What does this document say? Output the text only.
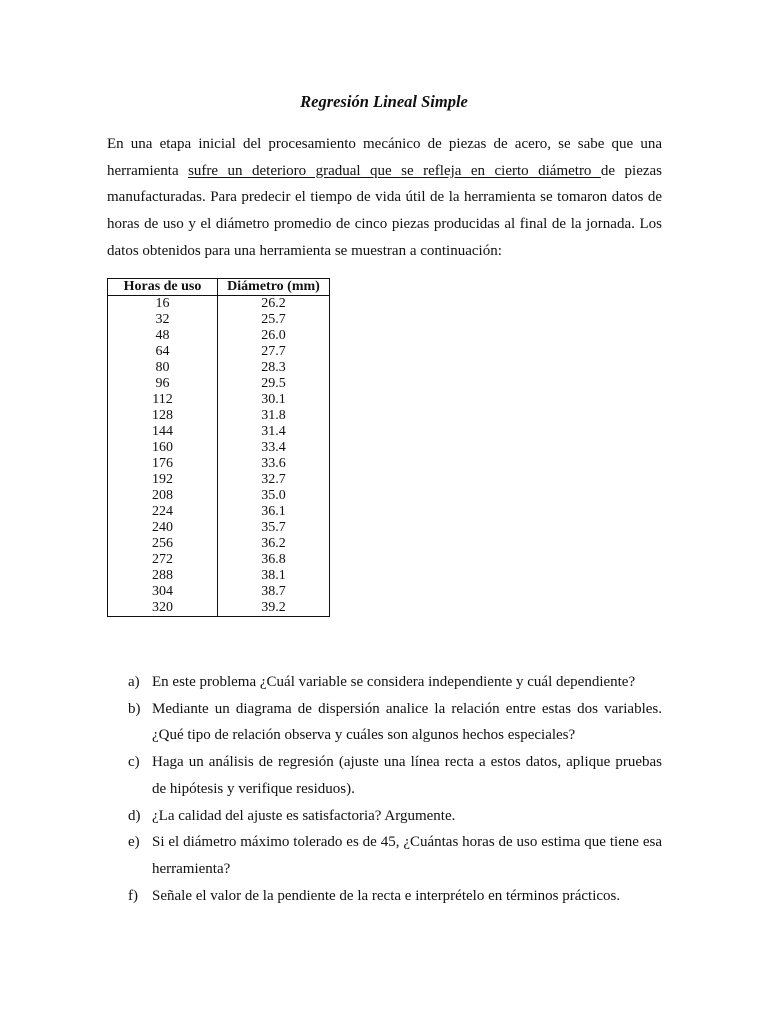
Regresión Lineal Simple

En una etapa inicial del procesamiento mecánico de piezas de acero, se sabe que una herramienta sufre un deterioro gradual que se refleja en cierto diámetro de piezas manufacturadas. Para predecir el tiempo de vida útil de la herramienta se tomaron datos de horas de uso y el diámetro promedio de cinco piezas producidas al final de la jornada. Los datos obtenidos para una herramienta se muestran a continuación:

Horas de uso	Diámetro (mm)
16	26.2
32	25.7
48	26.0
64	27.7
80	28.3
96	29.5
112	30.1
128	31.8
144	31.4
160	33.4
176	33.6
192	32.7
208	35.0
224	36.1
240	35.7
256	36.2
272	36.8
288	38.1
304	38.7
320	39.2
a) En este problema ¿Cuál variable se considera independiente y cuál dependiente?
b) Mediante un diagrama de dispersión analice la relación entre estas dos variables. ¿Qué tipo de relación observa y cuáles son algunos hechos especiales?
c) Haga un análisis de regresión (ajuste una línea recta a estos datos, aplique pruebas de hipótesis y verifique residuos).
d) ¿La calidad del ajuste es satisfactoria? Argumente.
e) Si el diámetro máximo tolerado es de 45, ¿Cuántas horas de uso estima que tiene esa herramienta?
f) Señale el valor de la pendiente de la recta e interprételo en términos prácticos.
